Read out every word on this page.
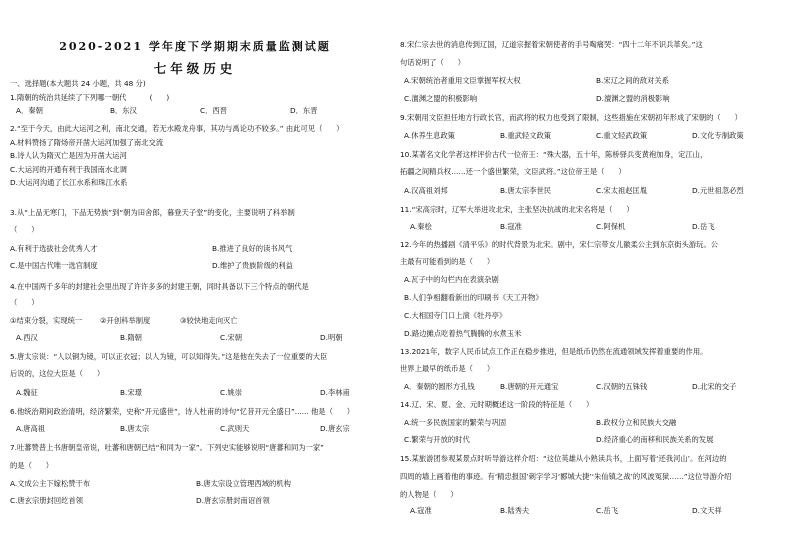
2020-2021 学年度下学期期末质量监测试题
七年级历史
一、选择题(本大题共 24 小题，共 48 分)
1.隋朝的统治共延续了下列哪一朝代          (      )
A．秦朝	B．东汉	C．西晋	D．东晋
2.“至于今天，由此大运河之利，南北交通，若无水殿龙舟事，其功与禹论功不较多。” 由此可见（      ）
A.材料赞扬了隋炀帝开凿大运河加强了南北交流
B.诗人认为隋灭亡是因为开凿大运河
C.大运河的开通有利于我国南水北调
D.大运河沟通了长江水系和珠江水系
3.从“上品无寒门，下品无势族”到“朝为田舍郎，暮登天子堂”的变化，主要说明了科举制
（      ）
A.有利于选拔社会优秀人才	B.推进了良好的读书风气
C.是中国古代唯一选官制度	D.维护了贵族阶级的利益
4.在中国两千多年的封建社会里出现了许许多多的封建王朝，同时具备以下三个特点的朝代是
（      ）
①结束分裂，实现统一 ②开创科举制度	③较快地走向灭亡
A.西汉	B.隋朝	C.宋朝	D.明朝
5.唐太宗说：“人以铜为镜，可以正衣冠；以人为镜，可以知得失。”这是他在失去了一位重要的大臣
后说的，这位大臣是（      ）
A.魏征	B.宋璟	C.姚崇	D.李林甫
6.他统治期间政治清明，经济繁荣，史称“开元盛世”，诗人杜甫的诗句“忆昔开元全盛日”...... 他是（      ）
A.唐高祖	B.唐太宗	C.武则天	D.唐玄宗
7.吐蕃赞普上书唐朝皇帝说，吐蕃和唐朝已结“和同为一家”。下列史实能够说明“唐蕃和同为一家”
的是（      ）
A.文成公主下嫁松赞干布	B.唐太宗设立管理西域的机构
C.唐玄宗册封回纥首领	D.唐玄宗册封南诏首领
8.宋仁宗去世的消息传到辽国，辽道宗握着宋朝使者的手号啕痛哭：“四十二年不识兵革矣。”这
句话说明了（      ）
A.宋朝统治者重用文臣掌握军权大权	B.宋辽之间的敌对关系
C.澶渊之盟的积极影响	D.澶渊之盟的消极影响
9.宋朝用文臣担任地方行政长官，而武将的权力也受到了限制，这些措施在宋朝初年形成了宋朝的（      ）
A.休养生息政策	B.重武轻文政策	C.重文轻武政策	D.文化专制政策
10.某著名文化学者这样评价古代一位帝王：“殊大器，五十年，陈桥驿兵变黄袍加身，定江山，
拓疆之间精兵权……还一个盛世繁荣，文臣武将。”这位帝王是（      ）
A.汉高祖刘邦	B.唐太宗李世民	C.宋太祖赵匡胤	D.元世祖忽必烈
11.“宋高宗时，辽军大举进攻北宋，主张坚决抗战的北宋名将是（      ）
A.秦桧	B.寇准	C.阿保机	D.岳飞
12.今年的热播剧《清平乐》的时代背景为北宋。剧中，宋仁宗带女儿徽柔公主到东京街头游玩。公
主最有可能看到的是（      ）
A.瓦子中的勾栏内在表演杂剧
B.人们争相翻看新出的印刷书《天工开物》
C.大相国寺门口上演《牡丹亭》
D.路边摊点吃着热气腾腾的水煮玉米
13.2021年，数字人民币试点工作正在稳步推进，但是纸币仍然在流通领域发挥着重要的作用。
世界上最早的纸币是（      ）
A．秦朝的圆形方孔钱	B.唐朝的开元通宝	C.汉朝的五铢钱	D.北宋的交子
14.辽、宋、夏、金、元时期概述这一阶段的特征是（      ）
A.统一多民族国家的繁荣与巩固	B.政权分立和民族大交融
C.繁荣与开放的时代	D.经济重心的南移和民族关系的发展
15.某旅游团参观某景点时听导游这样介绍：“这位英雄从小熟读兵书，上面写着‘还我河山’。在河边的
四周的墙上画着他的事迹。有‘精忠报国’刺字学习‘郾城大捷’‘朱仙镇之战’的风波冤狱……”这位导游介绍
的人物是（      ）
A.寇准	B.陆秀夫	C.岳飞	D.文天祥
